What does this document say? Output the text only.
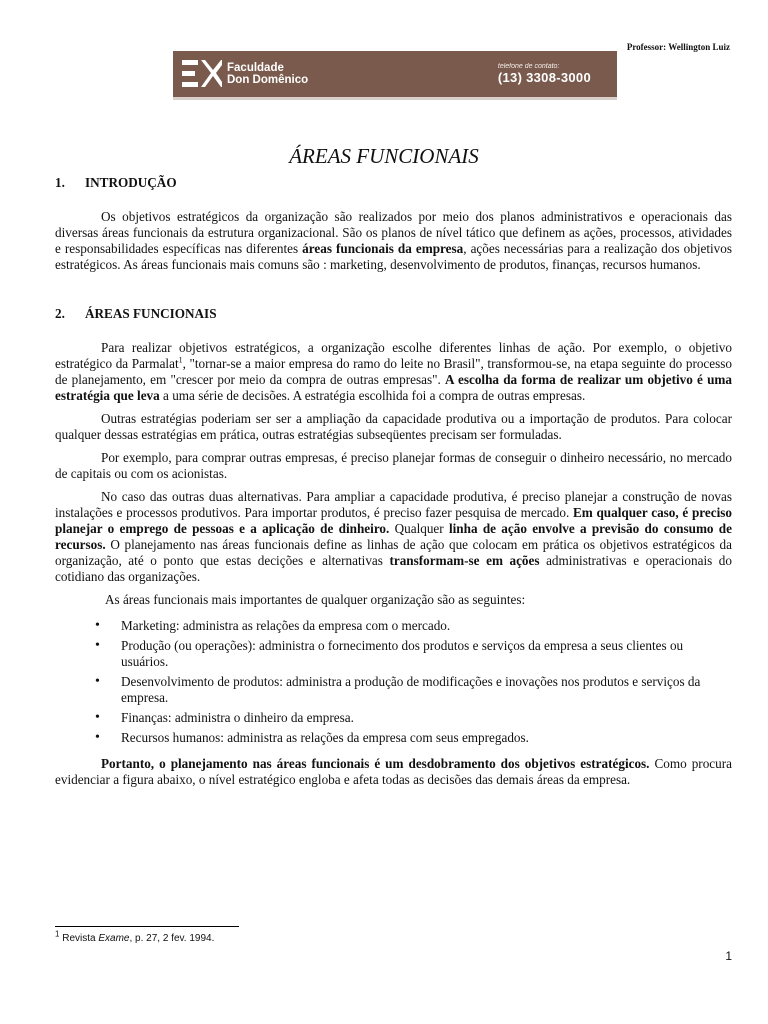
Professor: Wellington Luiz
Faculdade
Don Domênico
telefone de contato:
(13) 3308-3000
ÁREAS FUNCIONAIS
1. INTRODUÇÃO

Os objetivos estratégicos da organização são realizados por meio dos planos administrativos e operacionais das diversas áreas funcionais da estrutura organizacional. São os planos de nível tático que definem as ações, processos, atividades e responsabilidades específicas nas diferentes áreas funcionais da empresa, ações necessárias para a realização dos objetivos estratégicos. As áreas funcionais mais comuns são : marketing, desenvolvimento de produtos, finanças, recursos humanos.

2. ÁREAS FUNCIONAIS

Para realizar objetivos estratégicos, a organização escolhe diferentes linhas de ação. Por exemplo, o objetivo estratégico da Parmalat$^1$, "tornar-se a maior empresa do ramo do leite no Brasil", transformou-se, na etapa seguinte do processo de planejamento, em "crescer por meio da compra de outras empresas". A escolha da forma de realizar um objetivo é uma estratégia que leva a uma série de decisões. A estratégia escolhida foi a compra de outras empresas.

Outras estratégias poderiam ser ser a ampliação da capacidade produtiva ou a importação de produtos. Para colocar qualquer dessas estratégias em prática, outras estratégias subseqüentes precisam ser formuladas.

Por exemplo, para comprar outras empresas, é preciso planejar formas de conseguir o dinheiro necessário, no mercado de capitais ou com os acionistas.

No caso das outras duas alternativas. Para ampliar a capacidade produtiva, é preciso planejar a construção de novas instalações e processos produtivos. Para importar produtos, é preciso fazer pesquisa de mercado. Em qualquer caso, é preciso planejar o emprego de pessoas e a aplicação de dinheiro. Qualquer linha de ação envolve a previsão do consumo de recursos. O planejamento nas áreas funcionais define as linhas de ação que colocam em prática os objetivos estratégicos da organização, até o ponto que estas decições e alternativas transformam-se em ações administrativas e operacionais do cotidiano das organizações.

As áreas funcionais mais importantes de qualquer organização são as seguintes:

• Marketing: administra as relações da empresa com o mercado.
• Produção (ou operações): administra o fornecimento dos produtos e serviços da empresa a seus clientes ou usuários.
• Desenvolvimento de produtos: administra a produção de modificações e inovações nos produtos e serviços da empresa.
• Finanças: administra o dinheiro da empresa.
• Recursos humanos: administra as relações da empresa com seus empregados.

Portanto, o planejamento nas áreas funcionais é um desdobramento dos objetivos estratégicos. Como procura evidenciar a figura abaixo, o nível estratégico engloba e afeta todas as decisões das demais áreas da empresa.

$^1$ Revista Exame, p. 27, 2 fev. 1994.
1
